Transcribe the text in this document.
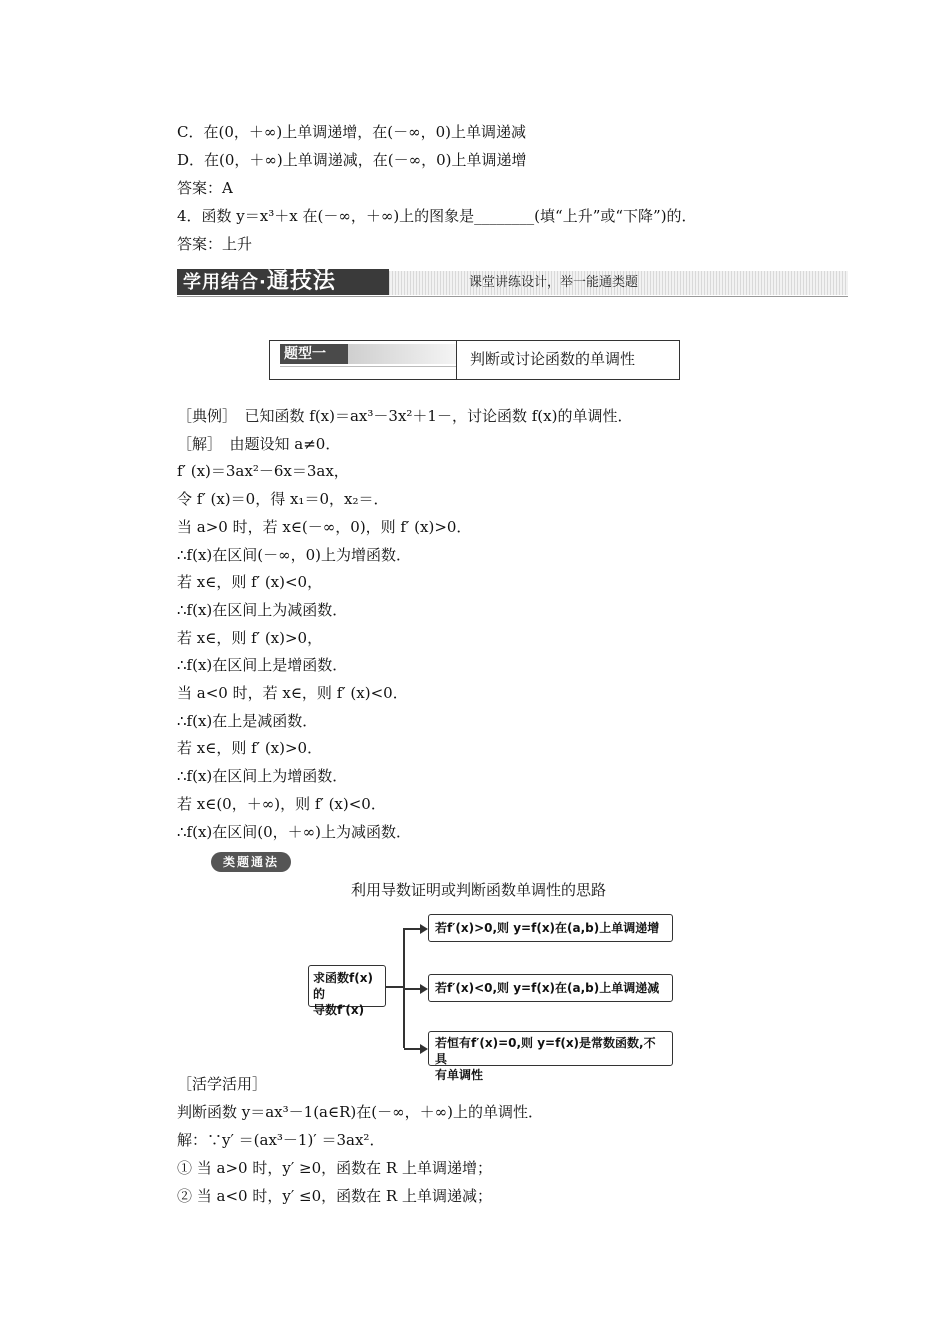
C．在(0，＋∞)上单调递增，在(－∞，0)上单调递减
D．在(0，＋∞)上单调递减，在(－∞，0)上单调递增
答案：A
4．函数 y＝x³＋x 在(－∞，＋∞)上的图象是________(填“上升”或“下降”)的．
答案：上升
学用结合·通技法	课堂讲练设计，举一能通类题
题型一	判断或讨论函数的单调性
［典例］　已知函数 f(x)＝ax³－3x²＋1－，讨论函数 f(x)的单调性．
［解］　由题设知 a≠0．
f′ (x)＝3ax²－6x＝3ax，
令 f′ (x)＝0，得 x₁＝0，x₂＝．
当 a>0 时，若 x∈(－∞，0)，则 f′ (x)>0．
∴f(x)在区间(－∞，0)上为增函数．
若 x∈，则 f′ (x)<0，
∴f(x)在区间上为减函数．
若 x∈，则 f′ (x)>0，
∴f(x)在区间上是增函数．
当 a<0 时，若 x∈，则 f′ (x)<0．
∴f(x)在上是减函数．
若 x∈，则 f′ (x)>0．
∴f(x)在区间上为增函数．
若 x∈(0，＋∞)，则 f′ (x)<0．
∴f(x)在区间(0，＋∞)上为减函数．
类题通法
利用导数证明或判断函数单调性的思路
求函数f(x)的
导数f′(x)
若f′(x)>0,则 y=f(x)在(a,b)上单调递增
若f′(x)<0,则 y=f(x)在(a,b)上单调递减
若恒有f′(x)=0,则 y=f(x)是常数函数,不具
有单调性
［活学活用］
判断函数 y＝ax³－1(a∈R)在(－∞，＋∞)上的单调性．
解：∵y′ ＝(ax³－1)′ ＝3ax²．
① 当 a>0 时，y′ ≥0，函数在 R 上单调递增；
② 当 a<0 时，y′ ≤0，函数在 R 上单调递减；
